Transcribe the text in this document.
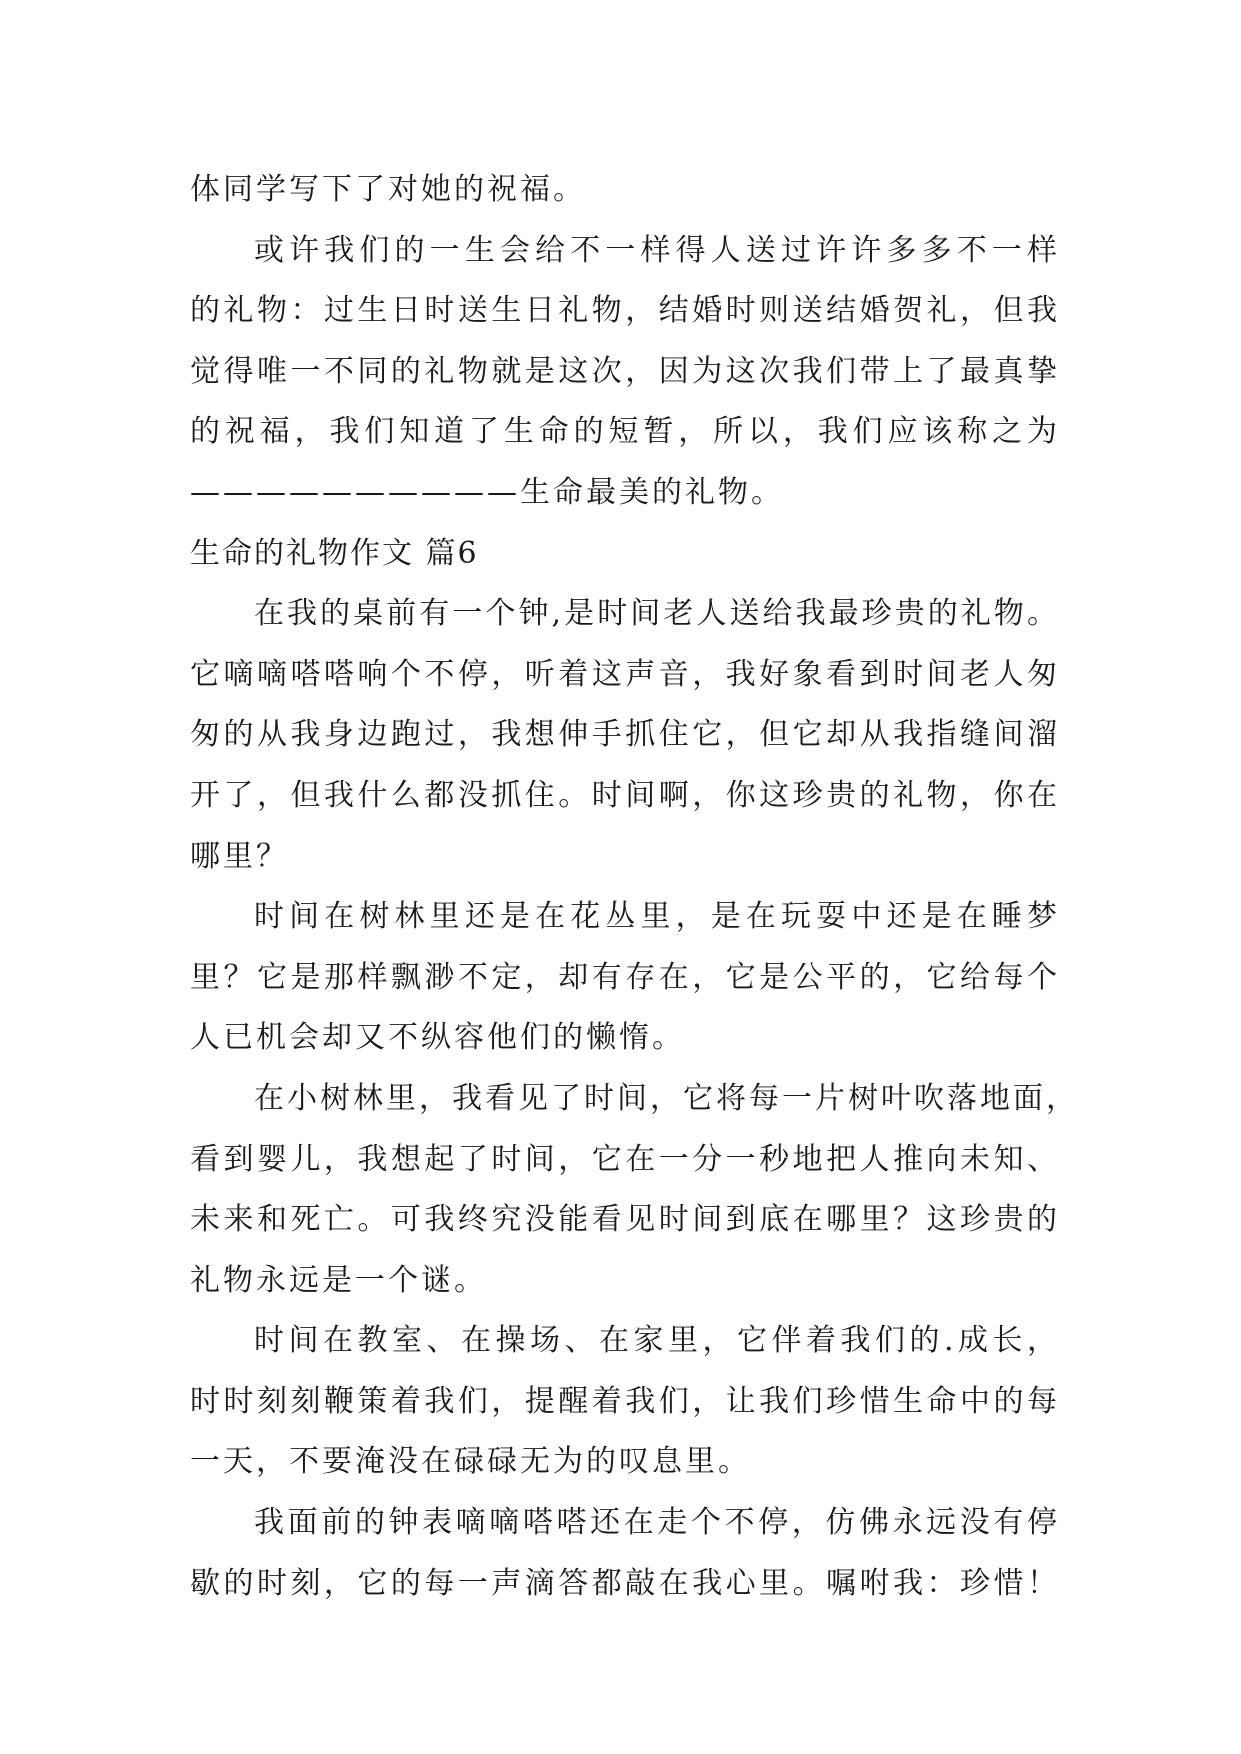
体同学写下了对她的祝福。
或许我们的一生会给不一样得人送过许许多多不一样
的礼物：过生日时送生日礼物，结婚时则送结婚贺礼，但我
觉得唯一不同的礼物就是这次，因为这次我们带上了最真挚
的祝福，我们知道了生命的短暂，所以，我们应该称之为
——————————生命最美的礼物。
生命的礼物作文 篇6
在我的桌前有一个钟,是时间老人送给我最珍贵的礼物。
它嘀嘀嗒嗒响个不停，听着这声音，我好象看到时间老人匆
匆的从我身边跑过，我想伸手抓住它，但它却从我指缝间溜
开了，但我什么都没抓住。时间啊，你这珍贵的礼物，你在
哪里？
时间在树林里还是在花丛里，是在玩耍中还是在睡梦
里？它是那样飘渺不定，却有存在，它是公平的，它给每个
人已机会却又不纵容他们的懒惰。
在小树林里，我看见了时间，它将每一片树叶吹落地面，
看到婴儿，我想起了时间，它在一分一秒地把人推向未知、
未来和死亡。可我终究没能看见时间到底在哪里？这珍贵的
礼物永远是一个谜。
时间在教室、在操场、在家里，它伴着我们的.成长，
时时刻刻鞭策着我们，提醒着我们，让我们珍惜生命中的每
一天，不要淹没在碌碌无为的叹息里。
我面前的钟表嘀嘀嗒嗒还在走个不停，仿佛永远没有停
歇的时刻，它的每一声滴答都敲在我心里。嘱咐我：珍惜！
